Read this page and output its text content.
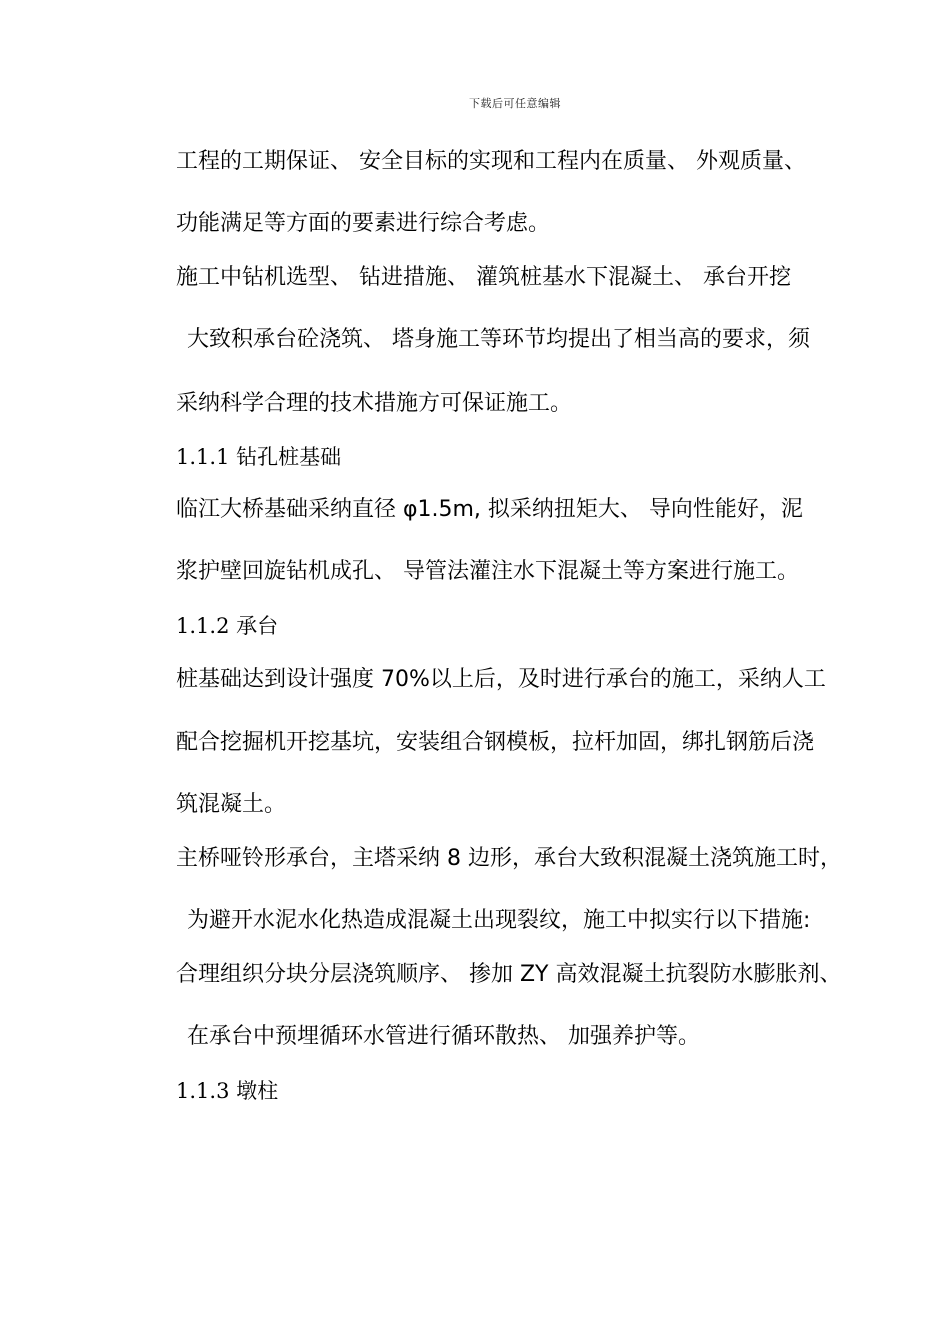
下载后可任意编辑
工程的工期保证、 安全目标的实现和工程内在质量、 外观质量、
功能满足等方面的要素进行综合考虑。
施工中钻机选型、 钻进措施、 灌筑桩基水下混凝土、 承台开挖
大致积承台砼浇筑、 塔身施工等环节均提出了相当高的要求，须
采纳科学合理的技术措施方可保证施工。
1.1.1 钻孔桩基础
临江大桥基础采纳直径 φ1.5m, 拟采纳扭矩大、 导向性能好，泥
浆护壁回旋钻机成孔、 导管法灌注水下混凝土等方案进行施工。
1.1.2 承台
桩基础达到设计强度 70%以上后，及时进行承台的施工，采纳人工
配合挖掘机开挖基坑，安装组合钢模板，拉杆加固，绑扎钢筋后浇
筑混凝土。
主桥哑铃形承台，主塔采纳 8 边形，承台大致积混凝土浇筑施工时，
为避开水泥水化热造成混凝土出现裂纹，施工中拟实行以下措施:
合理组织分块分层浇筑顺序、 掺加 ZY 高效混凝土抗裂防水膨胀剂、
在承台中预埋循环水管进行循环散热、 加强养护等。
1.1.3 墩柱
